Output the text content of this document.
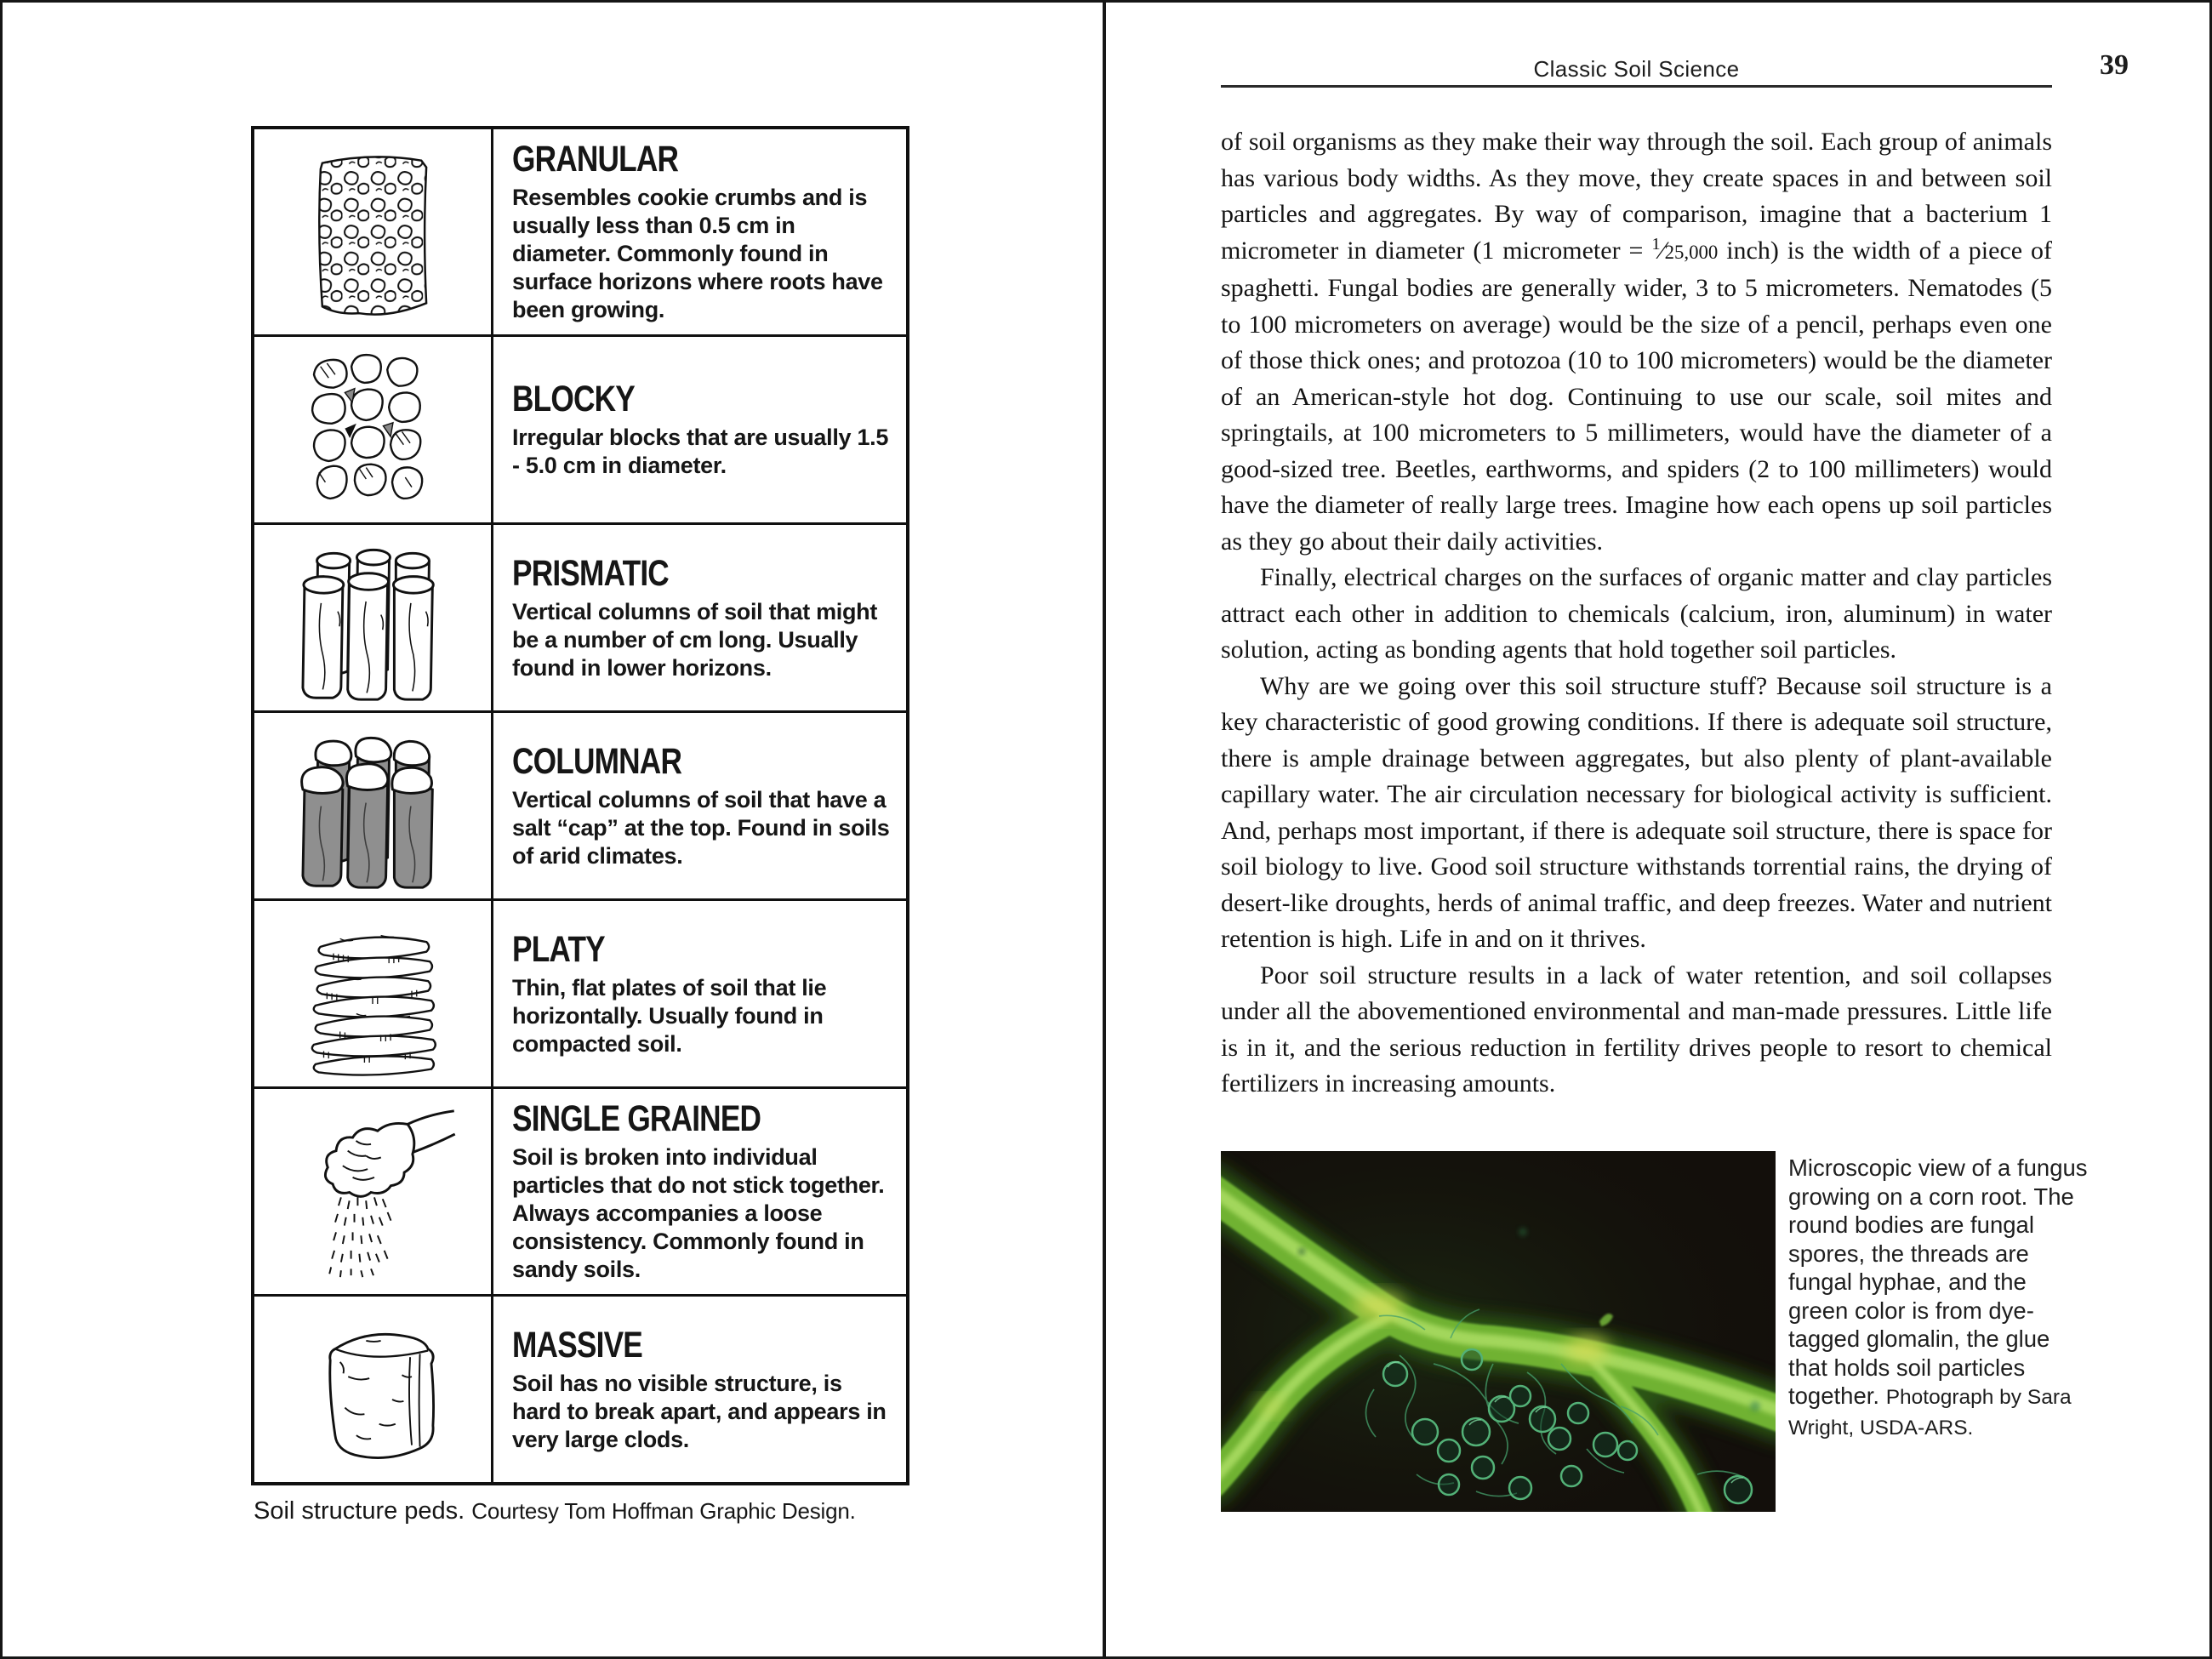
GRANULAR
Resembles cookie crumbs and is usually less than 0.5 cm in diameter. Commonly found in surface horizons where roots have been growing.
BLOCKY
Irregular blocks that are usually 1.5 - 5.0 cm in diameter.
PRISMATIC
Vertical columns of soil that might be a number of cm long. Usually found in lower horizons.
COLUMNAR
Vertical columns of soil that have a salt “cap” at the top. Found in soils of arid climates.
PLATY
Thin, flat plates of soil that lie horizontally. Usually found in compacted soil.
SINGLE GRAINED
Soil is broken into individual particles that do not stick together. Always accompanies a loose consistency. Commonly found in sandy soils.
MASSIVE
Soil has no visible structure, is hard to break apart, and appears in very large clods.
Soil structure peds. Courtesy Tom Hoffman Graphic Design.
Classic Soil Science	39

of soil organisms as they make their way through the soil. Each group of animals has various body widths. As they move, they create spaces in and between soil particles and aggregates. By way of comparison, imagine that a bacterium 1 micrometer in diameter (1 micrometer = $^1$⁄25,000 inch) is the width of a piece of spaghetti. Fungal bodies are generally wider, 3 to 5 micrometers. Nematodes (5 to 100 micrometers on average) would be the size of a pencil, perhaps even one of those thick ones; and protozoa (10 to 100 micrometers) would be the diameter of an American-style hot dog. Continuing to use our scale, soil mites and springtails, at 100 micrometers to 5 millimeters, would have the diameter of a good-sized tree. Beetles, earthworms, and spiders (2 to 100 millimeters) would have the diameter of really large trees. Imagine how each opens up soil particles as they go about their daily activities.

Finally, electrical charges on the surfaces of organic matter and clay particles attract each other in addition to chemicals (calcium, iron, aluminum) in water solution, acting as bonding agents that hold together soil particles.

Why are we going over this soil structure stuff? Because soil structure is a key characteristic of good growing conditions. If there is adequate soil structure, there is ample drainage between aggregates, but also plenty of plant-available capillary water. The air circulation necessary for biological activity is sufficient. And, perhaps most important, if there is adequate soil structure, there is space for soil biology to live. Good soil structure withstands torrential rains, the drying of desert-like droughts, herds of animal traffic, and deep freezes. Water and nutrient retention is high. Life in and on it thrives.

Poor soil structure results in a lack of water retention, and soil collapses under all the abovementioned environmental and man-made pressures. Little life is in it, and the serious reduction in fertility drives people to resort to chemical fertilizers in increasing amounts.

Microscopic view of a fungus growing on a corn root. The round bodies are fungal spores, the threads are fungal hyphae, and the green color is from dye-tagged glomalin, the glue that holds soil particles together. Photograph by Sara Wright, USDA-ARS.
